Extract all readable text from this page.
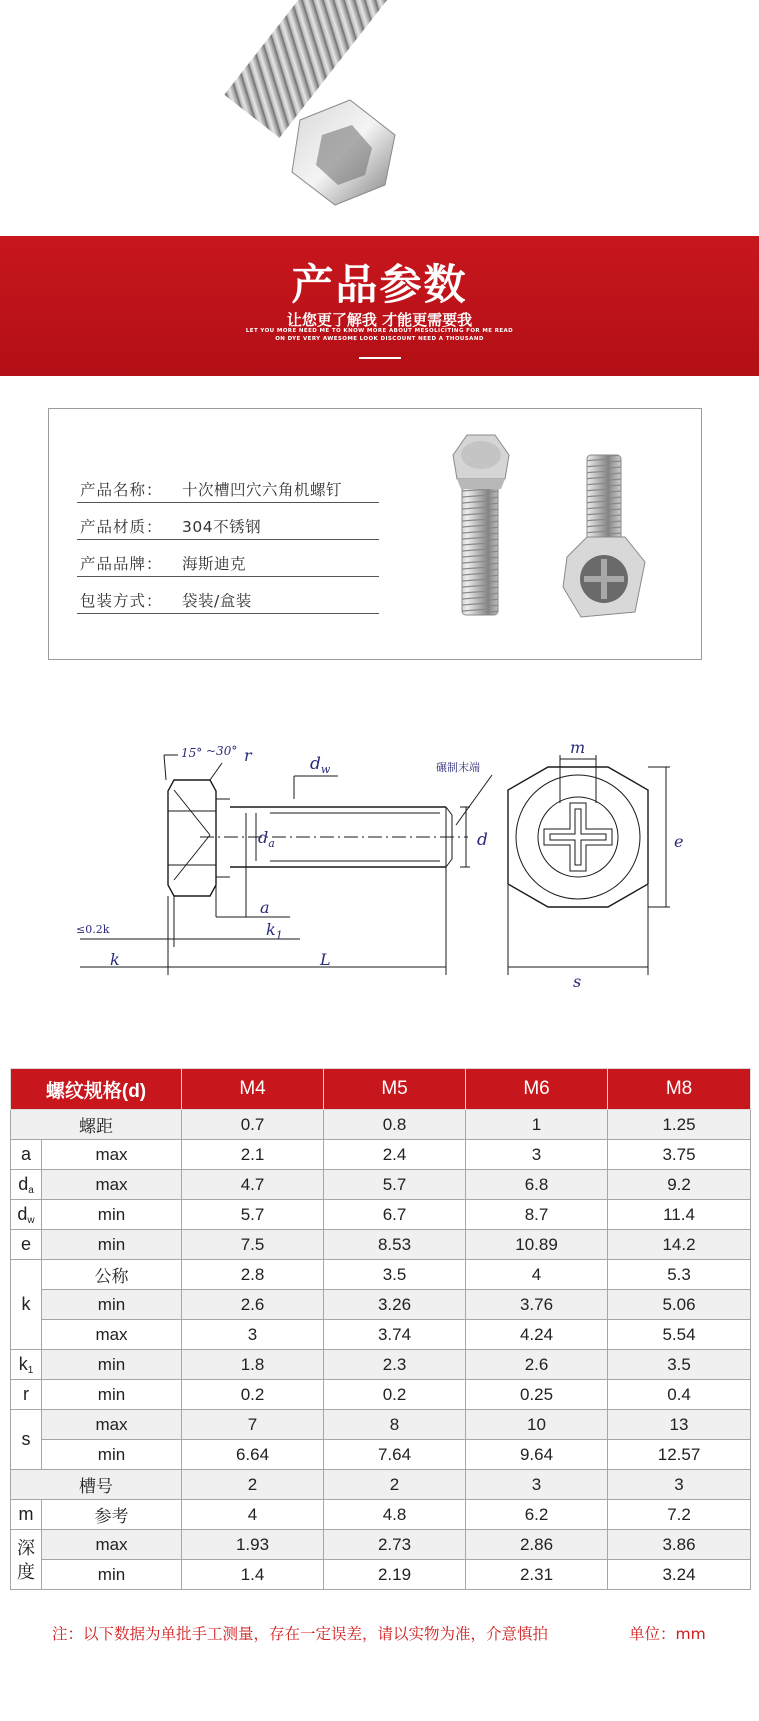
产品参数
让您更了解我 才能更需要我
LET YOU MORE NEED ME TO KNOW MORE ABOUT MESOLICITING FOR ME READ
ON DYE VERY AWESOME LOOK DISCOUNT NEED A THOUSAND
产品名称： 十次槽凹穴六角机螺钉
产品材质： 304不锈钢
产品品牌： 海斯迪克
包装方式： 袋装/盒装
15° ~30° r	$d_w$
$d_a$	d
a
$k_1$
k	L
≤0.2k
碾制末端
m
e
s
螺纹规格(d)		M4	M5	M6	M8
螺距		0.7	0.8	1	1.25
a	max	2.1	2.4	3	3.75
$d_a$	max	4.7	5.7	6.8	9.2
$d_w$	min	5.7	6.7	8.7	11.4
e	min	7.5	8.53	10.89	14.2
k	公称	2.8	3.5	4	5.3
	min	2.6	3.26	3.76	5.06
	max	3	3.74	4.24	5.54
$k_1$	min	1.8	2.3	2.6	3.5
r	min	0.2	0.2	0.25	0.4
s	max	7	8	10	13
	min	6.64	7.64	9.64	12.57
槽号		2	2	3	3
m	参考	4	4.8	6.2	7.2
深度	max	1.93	2.73	2.86	3.86
	min	1.4	2.19	2.31	3.24
注：以下数据为单批手工测量，存在一定误差，请以实物为准，介意慎拍	单位：mm
